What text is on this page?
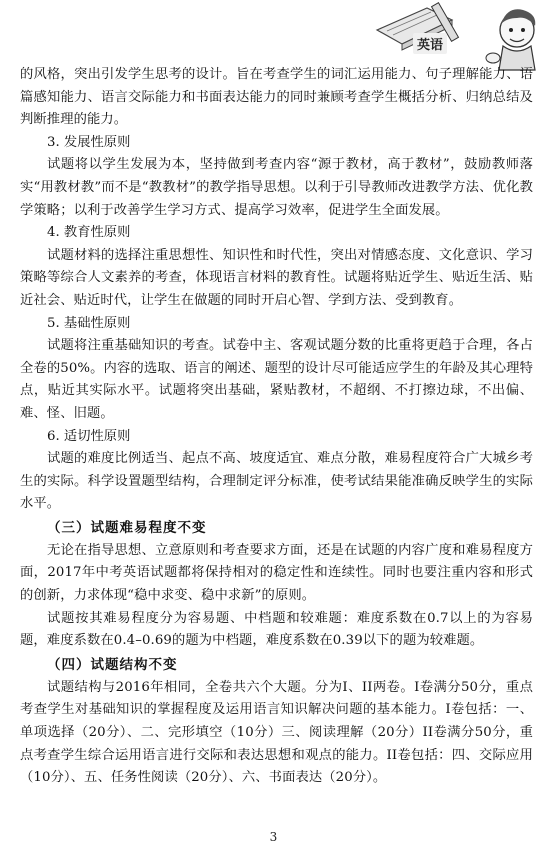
英语

的风格，突出引发学生思考的设计。旨在考查学生的词汇运用能力、句子理解能力、语篇感知能力、语言交际能力和书面表达能力的同时兼顾考查学生概括分析、归纳总结及判断推理的能力。

3. 发展性原则

试题将以学生发展为本，坚持做到考查内容“源于教材，高于教材”，鼓励教师落实“用教材教”而不是“教教材”的教学指导思想。以利于引导教师改进教学方法、优化教学策略；以利于改善学生学习方式、提高学习效率，促进学生全面发展。

4. 教育性原则

试题材料的选择注重思想性、知识性和时代性，突出对情感态度、文化意识、学习策略等综合人文素养的考查，体现语言材料的教育性。试题将贴近学生、贴近生活、贴近社会、贴近时代，让学生在做题的同时开启心智、学到方法、受到教育。

5. 基础性原则

试题将注重基础知识的考查。试卷中主、客观试题分数的比重将更趋于合理，各占全卷的50%。内容的选取、语言的阐述、题型的设计尽可能适应学生的年龄及其心理特点，贴近其实际水平。试题将突出基础，紧贴教材，不超纲、不打擦边球，不出偏、难、怪、旧题。

6. 适切性原则

试题的难度比例适当、起点不高、坡度适宜、难点分散，难易程度符合广大城乡考生的实际。科学设置题型结构，合理制定评分标准，使考试结果能准确反映学生的实际水平。

（三）试题难易程度不变

无论在指导思想、立意原则和考查要求方面，还是在试题的内容广度和难易程度方面，2017年中考英语试题都将保持相对的稳定性和连续性。同时也要注重内容和形式的创新，力求体现“稳中求变、稳中求新”的原则。

试题按其难易程度分为容易题、中档题和较难题：难度系数在0.7以上的为容易题，难度系数在0.4–0.69的题为中档题，难度系数在0.39以下的题为较难题。

（四）试题结构不变

试题结构与2016年相同，全卷共六个大题。分为I、II两卷。I卷满分50分，重点考查学生对基础知识的掌握程度及运用语言知识解决问题的基本能力。I卷包括：一、单项选择（20分）、二、完形填空（10分）三、阅读理解（20分）II卷满分50分，重点考查学生综合运用语言进行交际和表达思想和观点的能力。II卷包括：四、交际应用（10分）、五、任务性阅读（20分）、六、书面表达（20分）。

3
